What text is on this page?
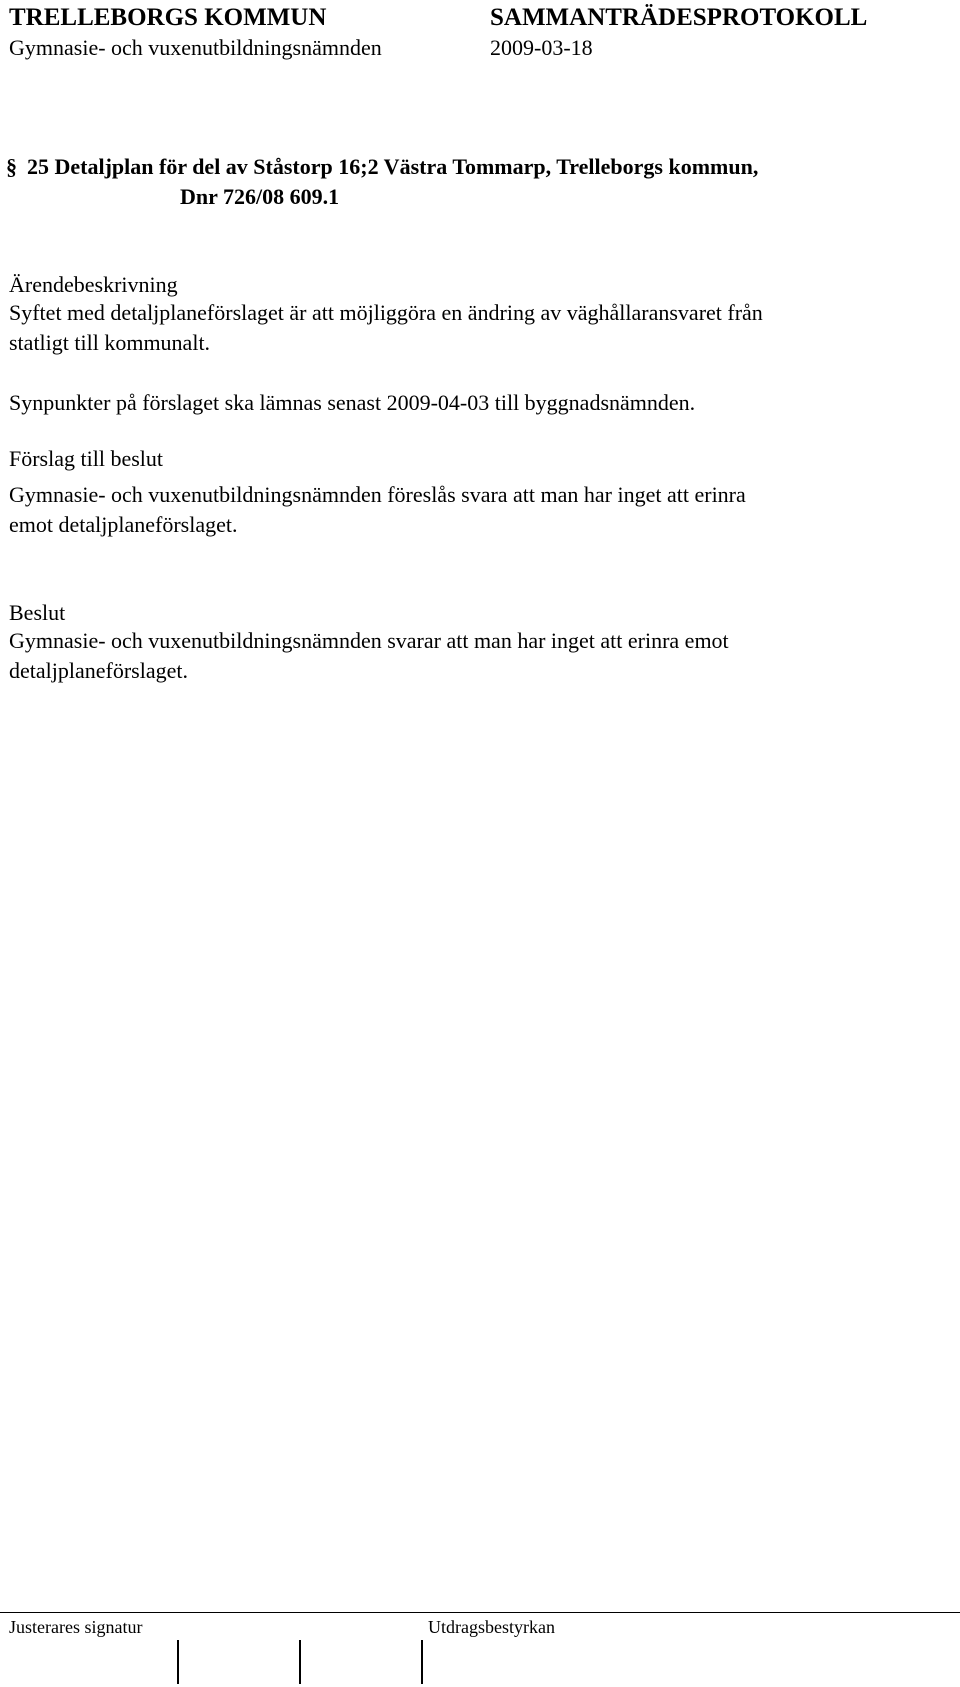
TRELLEBORGS KOMMUN	SAMMANTRÄDESPROTOKOLL
Gymnasie- och vuxenutbildningsnämnden	2009-03-18
§ 25 Detaljplan för del av Ståstorp 16;2 Västra Tommarp, Trelleborgs kommun,
Dnr 726/08 609.1
Ärendebeskrivning
Syftet med detaljplaneförslaget är att möjliggöra en ändring av väghållaransvaret från
statligt till kommunalt.
Synpunkter på förslaget ska lämnas senast 2009-04-03 till byggnadsnämnden.
Förslag till beslut
Gymnasie- och vuxenutbildningsnämnden föreslås svara att man har inget att erinra
emot detaljplaneförslaget.
Beslut
Gymnasie- och vuxenutbildningsnämnden svarar att man har inget att erinra emot
detaljplaneförslaget.
Justerares signatur	Utdragsbestyrkan
